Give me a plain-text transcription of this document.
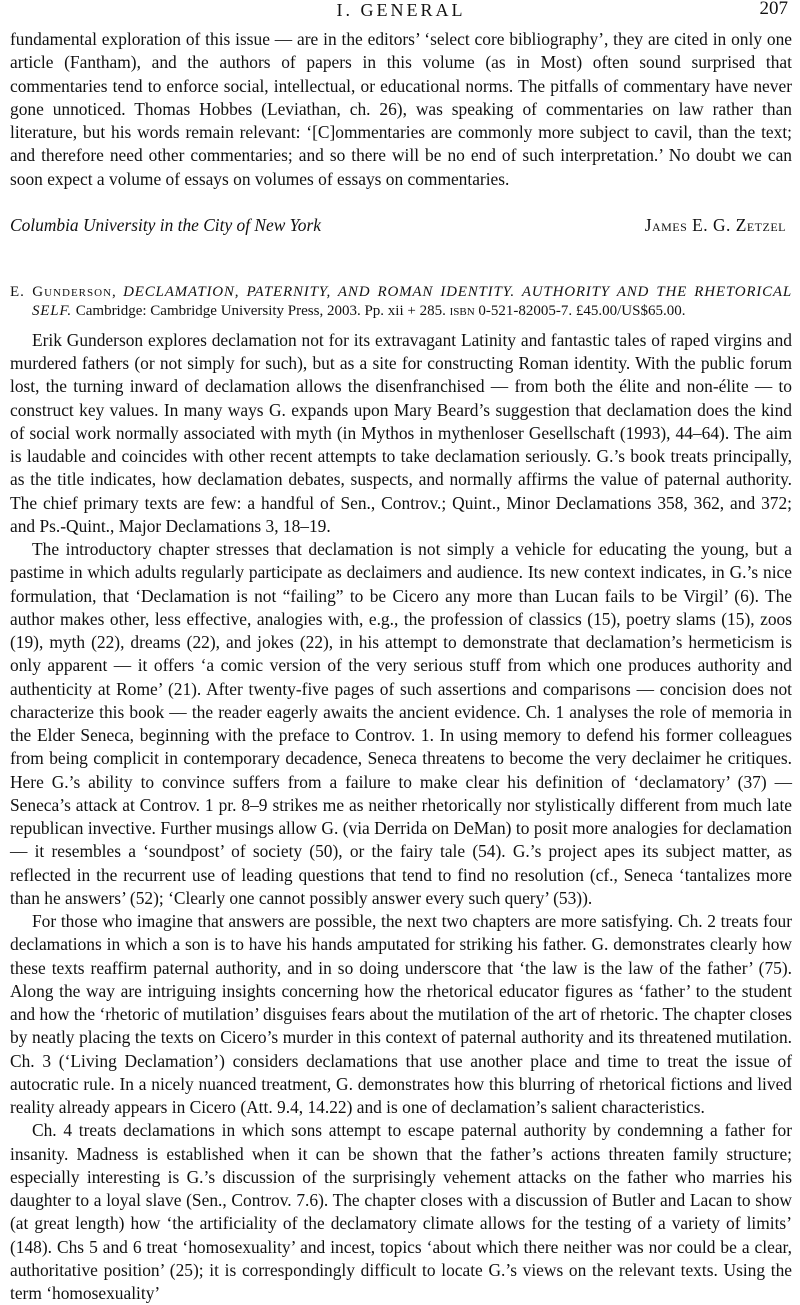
I. GENERAL	207

fundamental exploration of this issue — are in the editors’ ‘select core bibliography’, they are cited in only one article (Fantham), and the authors of papers in this volume (as in Most) often sound surprised that commentaries tend to enforce social, intellectual, or educational norms. The pitfalls of commentary have never gone unnoticed. Thomas Hobbes (Leviathan, ch. 26), was speaking of commentaries on law rather than literature, but his words remain relevant: ‘[C]ommentaries are commonly more subject to cavil, than the text; and therefore need other commentaries; and so there will be no end of such interpretation.’ No doubt we can soon expect a volume of essays on volumes of essays on commentaries.

Columbia University in the City of New York	James E. G. Zetzel
E. Gunderson, DECLAMATION, PATERNITY, AND ROMAN IDENTITY. AUTHORITY AND THE RHETORICAL SELF. Cambridge: Cambridge University Press, 2003. Pp. xii + 285. isbn 0-521-82005-7. £45.00/US$65.00.

Erik Gunderson explores declamation not for its extravagant Latinity and fantastic tales of raped virgins and murdered fathers (or not simply for such), but as a site for constructing Roman identity. With the public forum lost, the turning inward of declamation allows the disenfranchised — from both the élite and non-élite — to construct key values. In many ways G. expands upon Mary Beard’s suggestion that declamation does the kind of social work normally associated with myth (in Mythos in mythenloser Gesellschaft (1993), 44–64). The aim is laudable and coincides with other recent attempts to take declamation seriously. G.’s book treats principally, as the title indicates, how declamation debates, suspects, and normally affirms the value of paternal authority. The chief primary texts are few: a handful of Sen., Controv.; Quint., Minor Declamations 358, 362, and 372; and Ps.-Quint., Major Declamations 3, 18–19.

The introductory chapter stresses that declamation is not simply a vehicle for educating the young, but a pastime in which adults regularly participate as declaimers and audience. Its new context indicates, in G.’s nice formulation, that ‘Declamation is not “failing” to be Cicero any more than Lucan fails to be Virgil’ (6). The author makes other, less effective, analogies with, e.g., the profession of classics (15), poetry slams (15), zoos (19), myth (22), dreams (22), and jokes (22), in his attempt to demonstrate that declamation’s hermeticism is only apparent — it offers ‘a comic version of the very serious stuff from which one produces authority and authenticity at Rome’ (21). After twenty-five pages of such assertions and comparisons — concision does not characterize this book — the reader eagerly awaits the ancient evidence. Ch. 1 analyses the role of memoria in the Elder Seneca, beginning with the preface to Controv. 1. In using memory to defend his former colleagues from being complicit in contemporary decadence, Seneca threatens to become the very declaimer he critiques. Here G.’s ability to convince suffers from a failure to make clear his definition of ‘declamatory’ (37) — Seneca’s attack at Controv. 1 pr. 8–9 strikes me as neither rhetorically nor stylistically different from much late republican invective. Further musings allow G. (via Derrida on DeMan) to posit more analogies for declamation — it resembles a ‘soundpost’ of society (50), or the fairy tale (54). G.’s project apes its subject matter, as reflected in the recurrent use of leading questions that tend to find no resolution (cf., Seneca ‘tantalizes more than he answers’ (52); ‘Clearly one cannot possibly answer every such query’ (53)).

For those who imagine that answers are possible, the next two chapters are more satisfying. Ch. 2 treats four declamations in which a son is to have his hands amputated for striking his father. G. demonstrates clearly how these texts reaffirm paternal authority, and in so doing underscore that ‘the law is the law of the father’ (75). Along the way are intriguing insights concerning how the rhetorical educator figures as ‘father’ to the student and how the ‘rhetoric of mutilation’ disguises fears about the mutilation of the art of rhetoric. The chapter closes by neatly placing the texts on Cicero’s murder in this context of paternal authority and its threatened mutilation. Ch. 3 (‘Living Declamation’) considers declamations that use another place and time to treat the issue of autocratic rule. In a nicely nuanced treatment, G. demonstrates how this blurring of rhetorical fictions and lived reality already appears in Cicero (Att. 9.4, 14.22) and is one of declamation’s salient characteristics.

Ch. 4 treats declamations in which sons attempt to escape paternal authority by condemning a father for insanity. Madness is established when it can be shown that the father’s actions threaten family structure; especially interesting is G.’s discussion of the surprisingly vehement attacks on the father who marries his daughter to a loyal slave (Sen., Controv. 7.6). The chapter closes with a discussion of Butler and Lacan to show (at great length) how ‘the artificiality of the declamatory climate allows for the testing of a variety of limits’ (148). Chs 5 and 6 treat ‘homosexuality’ and incest, topics ‘about which there neither was nor could be a clear, authoritative position’ (25); it is correspondingly difficult to locate G.’s views on the relevant texts. Using the term ‘homosexuality’
